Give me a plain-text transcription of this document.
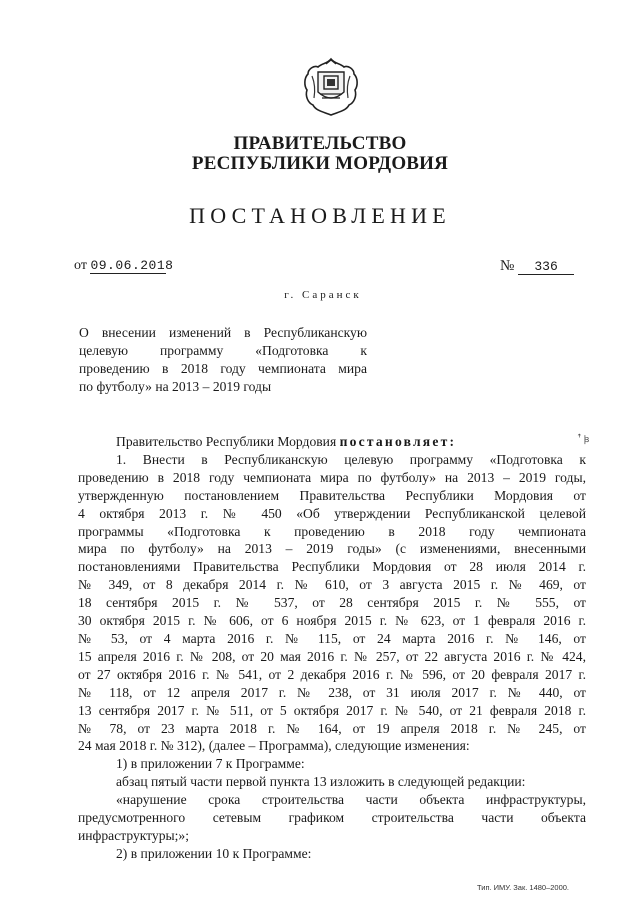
ПРАВИТЕЛЬСТВО
РЕСПУБЛИКИ МОРДОВИЯ
ПОСТАНОВЛЕНИЕ
от 09.06.2018	№ 336
г. Саранск
О внесении изменений в Республиканскую
целевую программу «Подготовка к
проведению в 2018 году чемпионата мира
по футболу» на 2013 – 2019 годы
ꜛ ꟓ
Правительство Республики Мордовия постановляет:
1. Внести в Республиканскую целевую программу «Подготовка к
проведению в 2018 году чемпионата мира по футболу» на 2013 – 2019 годы,
утвержденную постановлением Правительства Республики Мордовия от
4 октября 2013 г. № 450 «Об утверждении Республиканской целевой
программы «Подготовка к проведению в 2018 году чемпионата
мира по футболу» на 2013 – 2019 годы» (с изменениями, внесенными
постановлениями Правительства Республики Мордовия от 28 июля 2014 г.
№ 349, от 8 декабря 2014 г. № 610, от 3 августа 2015 г. № 469, от
18 сентября 2015 г. № 537, от 28 сентября 2015 г. № 555, от
30 октября 2015 г. № 606, от 6 ноября 2015 г. № 623, от 1 февраля 2016 г.
№ 53, от 4 марта 2016 г. № 115, от 24 марта 2016 г. № 146, от
15 апреля 2016 г. № 208, от 20 мая 2016 г. № 257, от 22 августа 2016 г. № 424,
от 27 октября 2016 г. № 541, от 2 декабря 2016 г. № 596, от 20 февраля 2017 г.
№ 118, от 12 апреля 2017 г. № 238, от 31 июля 2017 г. № 440, от
13 сентября 2017 г. № 511, от 5 октября 2017 г. № 540, от 21 февраля 2018 г.
№ 78, от 23 марта 2018 г. № 164, от 19 апреля 2018 г. № 245, от
24 мая 2018 г. № 312), (далее – Программа), следующие изменения:
1) в приложении 7 к Программе:
абзац пятый части первой пункта 13 изложить в следующей редакции:
«нарушение срока строительства части объекта инфраструктуры,
предусмотренного сетевым графиком строительства части объекта
инфраструктуры;»;
2) в приложении 10 к Программе:
Тип. ИМУ. Зак. 1480–2000.
